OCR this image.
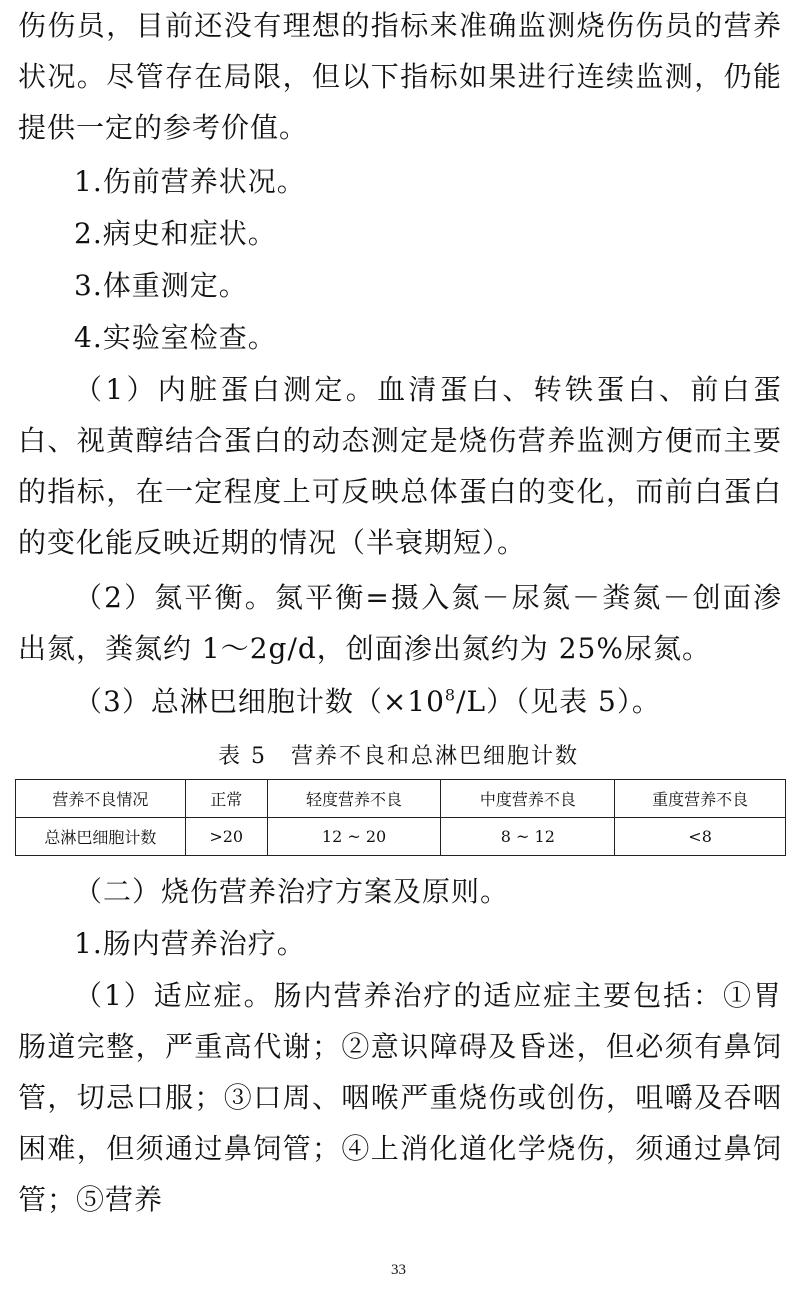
伤伤员，目前还没有理想的指标来准确监测烧伤伤员的营养状况。尽管存在局限，但以下指标如果进行连续监测，仍能提供一定的参考价值。

1.伤前营养状况。

2.病史和症状。

3.体重测定。

4.实验室检查。

（1）内脏蛋白测定。血清蛋白、转铁蛋白、前白蛋白、视黄醇结合蛋白的动态测定是烧伤营养监测方便而主要的指标，在一定程度上可反映总体蛋白的变化，而前白蛋白的变化能反映近期的情况（半衰期短）。

（2）氮平衡。氮平衡=摄入氮－尿氮－粪氮－创面渗出氮，粪氮约 1～2g/d，创面渗出氮约为 25%尿氮。

（3）总淋巴细胞计数$(\times 10^8/L)$（见表 5）。

表 5　营养不良和总淋巴细胞计数
营养不良情况	正常	轻度营养不良	中度营养不良	重度营养不良
总淋巴细胞计数	>20	12 ~ 20	8 ~ 12	<8

（二）烧伤营养治疗方案及原则。

1.肠内营养治疗。

（1）适应症。肠内营养治疗的适应症主要包括：①胃肠道完整，严重高代谢；②意识障碍及昏迷，但必须有鼻饲管，切忌口服；③口周、咽喉严重烧伤或创伤，咀嚼及吞咽困难，但须通过鼻饲管；④上消化道化学烧伤，须通过鼻饲管；⑤营养

33
